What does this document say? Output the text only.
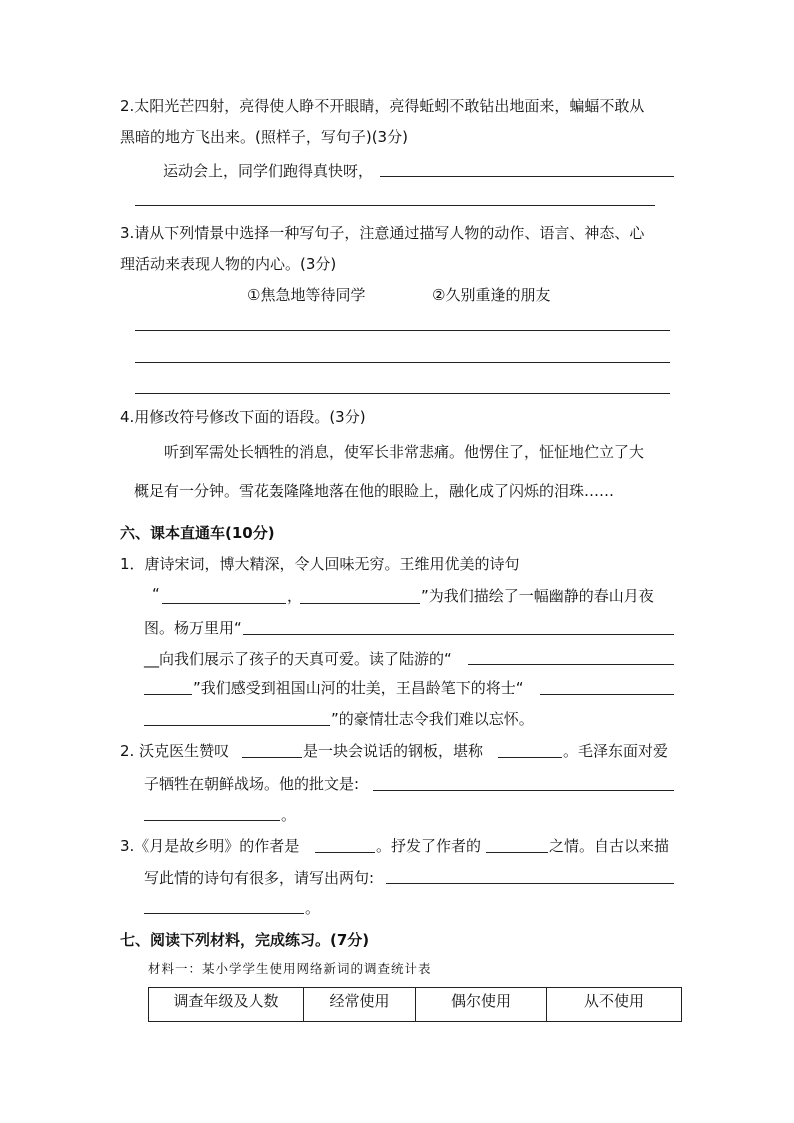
2.太阳光芒四射，亮得使人睁不开眼睛，亮得蚯蚓不敢钻出地面来，蝙蝠不敢从
黑暗的地方飞出来。(照样子，写句子)(3分)
运动会上，同学们跑得真快呀，
3.请从下列情景中选择一种写句子，注意通过描写人物的动作、语言、神态、心
理活动来表现人物的内心。(3分)
①焦急地等待同学	②久别重逢的朋友
4.用修改符号修改下面的语段。(3分)
听到军需处长牺牲的消息，使军长非常悲痛。他愣住了，怔怔地伫立了大
概足有一分钟。雪花轰隆隆地落在他的眼睑上，融化成了闪烁的泪珠……
六、课本直通车(10分)
1．唐诗宋词，博大精深，令人回味无穷。王维用优美的诗句
“	，	”为我们描绘了一幅幽静的春山月夜
图。杨万里用“
__向我们展示了孩子的天真可爱。读了陆游的“
”我们感受到祖国山河的壮美，王昌龄笔下的将士“
”的豪情壮志令我们难以忘怀。
2. 沃克医生赞叹	是一块会说话的钢板，堪称	。毛泽东面对爱
子牺牲在朝鲜战场。他的批文是:
。
3.《月是故乡明》的作者是	。抒发了作者的	之情。自古以来描
写此情的诗句有很多，请写出两句:
。
七、阅读下列材料，完成练习。(7分)
材料一：某小学学生使用网络新词的调查统计表
调查年级及人数	经常使用	偶尔使用	从不使用
